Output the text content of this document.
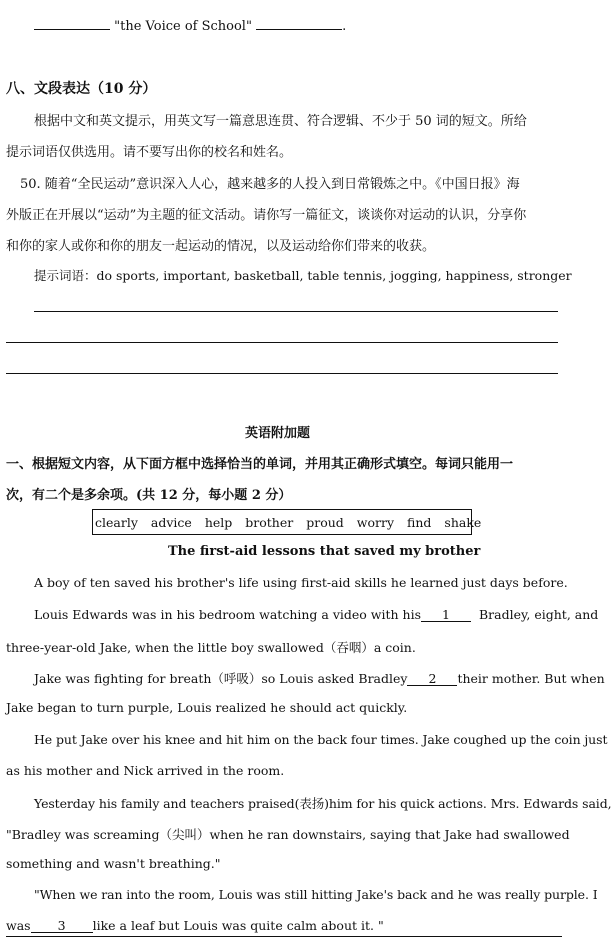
"the Voice of School"	.
八、文段表达（10 分）
根据中文和英文提示，用英文写一篇意思连贯、符合逻辑、不少于 50 词的短文。所给
提示词语仅供选用。请不要写出你的校名和姓名。
50. 随着“全民运动”意识深入人心，越来越多的人投入到日常锻炼之中。《中国日报》海
外版正在开展以“运动”为主题的征文活动。请你写一篇征文，谈谈你对运动的认识，分享你
和你的家人或你和你的朋友一起运动的情况，以及运动给你们带来的收获。
提示词语：do sports, important, basketball, table tennis, jogging, happiness, stronger
英语附加题
一、根据短文内容，从下面方框中选择恰当的单词，并用其正确形式填空。每词只能用一
次，有二个是多余项。(共 12 分，每小题 2 分）
clearly advice help brother proud worry find shake
The first-aid lessons that saved my brother
A boy of ten saved his brother's life using first-aid skills he learned just days before.
Louis Edwards was in his bedroom watching a video with his 1 Bradley, eight, and
three-year-old Jake, when the little boy swallowed（吞咽）a coin.
Jake was fighting for breath（呼吸）so Louis asked Bradley 2 their mother. But when
Jake began to turn purple, Louis realized he should act quickly.
He put Jake over his knee and hit him on the back four times. Jake coughed up the coin just
as his mother and Nick arrived in the room.
Yesterday his family and teachers praised(表扬)him for his quick actions. Mrs. Edwards said,
"Bradley was screaming（尖叫）when he ran downstairs, saying that Jake had swallowed
something and wasn't breathing."
"When we ran into the room, Louis was still hitting Jake's back and he was really purple. I
was 3 like a leaf but Louis was quite calm about it. "
